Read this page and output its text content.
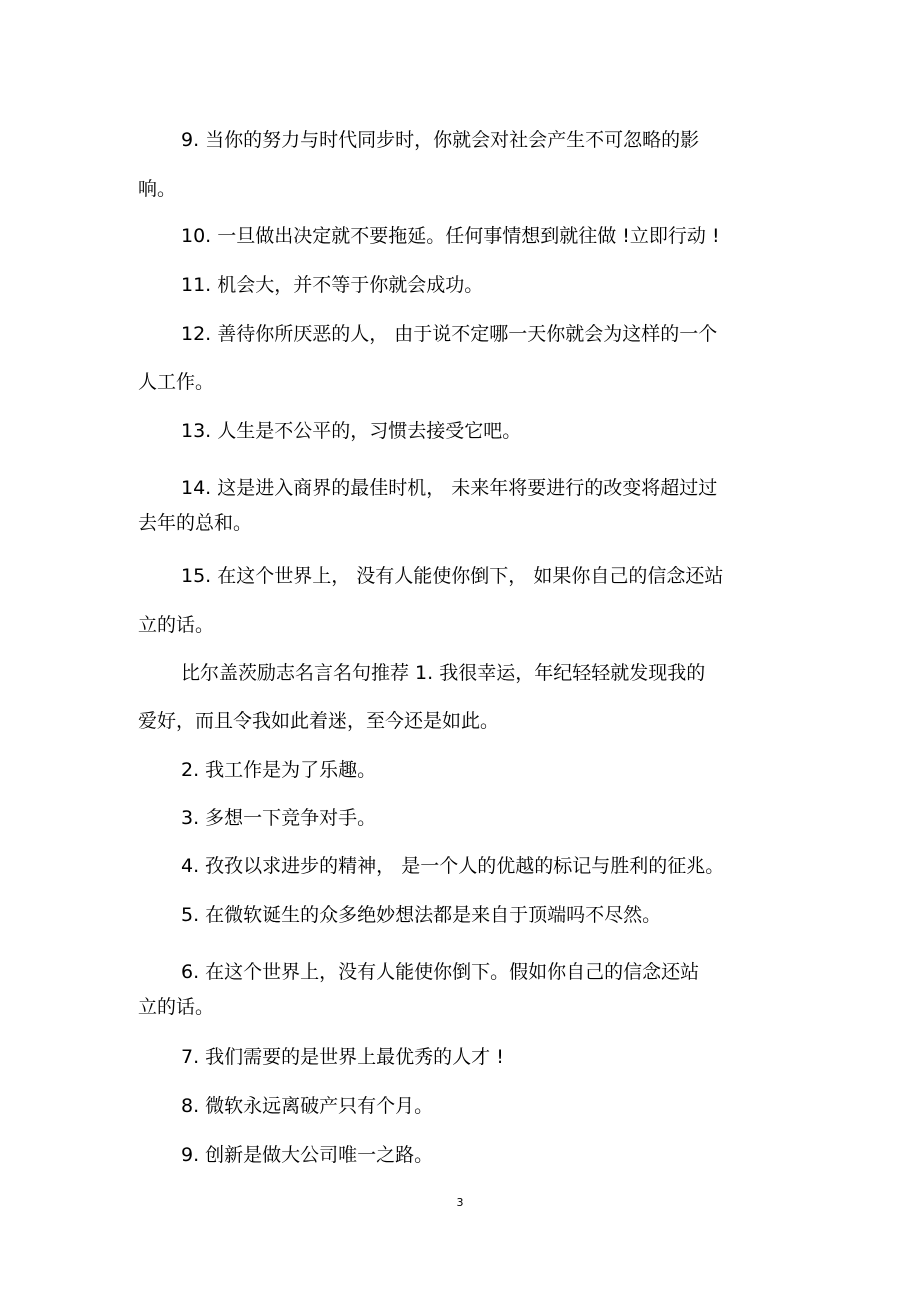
9. 当你的努力与时代同步时，你就会对社会产生不可忽略的影
响。
10. 一旦做出决定就不要拖延。任何事情想到就往做 !立即行动 !
11. 机会大，并不等于你就会成功。
12. 善待你所厌恶的人， 由于说不定哪一天你就会为这样的一个
人工作。
13. 人生是不公平的，习惯去接受它吧。
14. 这是进入商界的最佳时机， 未来年将要进行的改变将超过过
去年的总和。
15. 在这个世界上， 没有人能使你倒下， 如果你自己的信念还站
立的话。
比尔盖茨励志名言名句推荐 1. 我很幸运，年纪轻轻就发现我的
爱好，而且令我如此着迷，至今还是如此。
2. 我工作是为了乐趣。
3. 多想一下竞争对手。
4. 孜孜以求进步的精神， 是一个人的优越的标记与胜利的征兆。
5. 在微软诞生的众多绝妙想法都是来自于顶端吗不尽然。
6. 在这个世界上，没有人能使你倒下。假如你自己的信念还站
立的话。
7. 我们需要的是世界上最优秀的人才 !
8. 微软永远离破产只有个月。
9. 创新是做大公司唯一之路。
3
